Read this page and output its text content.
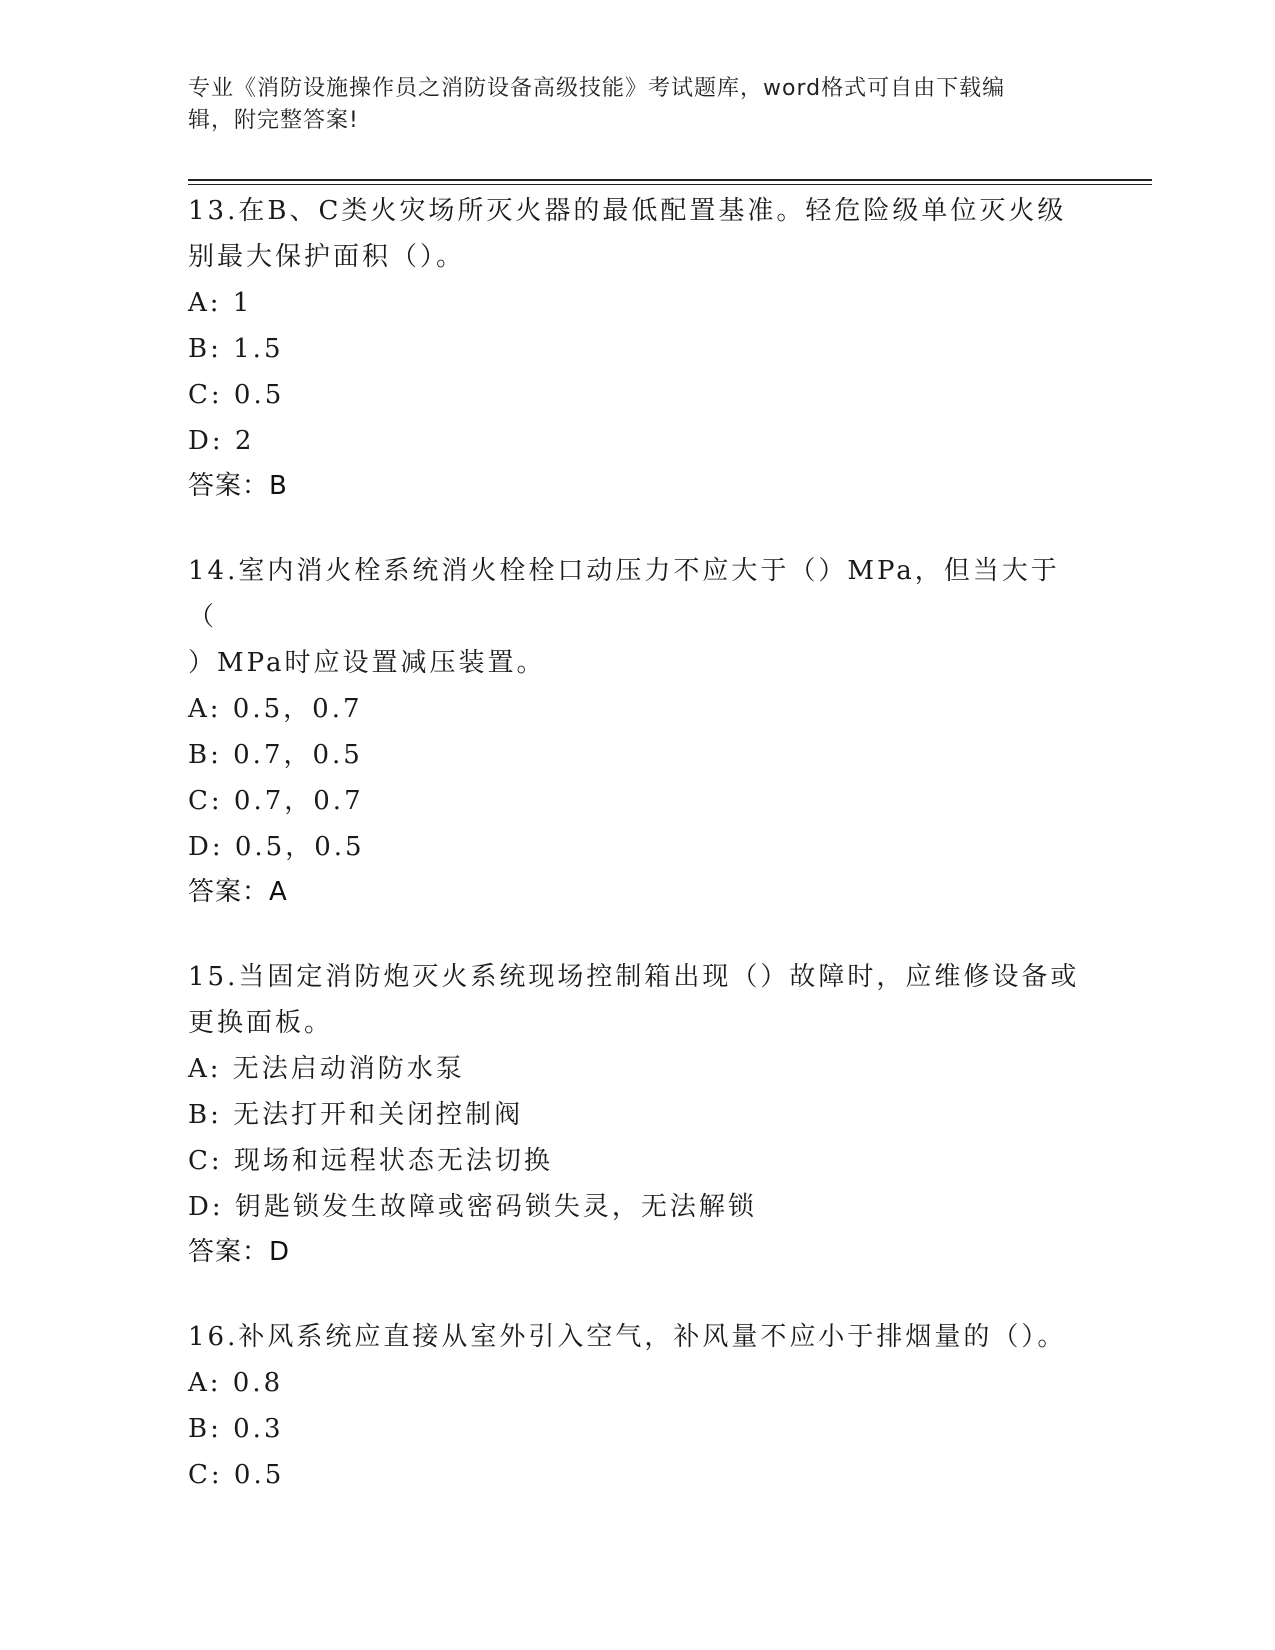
专业《消防设施操作员之消防设备高级技能》考试题库，word格式可自由下载编
辑，附完整答案!
13.在B、C类火灾场所灭火器的最低配置基准。轻危险级单位灭火级
别最大保护面积（）。
A: 1
B: 1.5
C: 0.5
D: 2
答案：B
14.室内消火栓系统消火栓栓口动压力不应大于（）MPa，但当大于（
）MPa时应设置减压装置。
A: 0.5，0.7
B: 0.7，0.5
C: 0.7，0.7
D: 0.5，0.5
答案：A
15.当固定消防炮灭火系统现场控制箱出现（）故障时，应维修设备或
更换面板。
A: 无法启动消防水泵
B: 无法打开和关闭控制阀
C: 现场和远程状态无法切换
D: 钥匙锁发生故障或密码锁失灵，无法解锁
答案：D
16.补风系统应直接从室外引入空气，补风量不应小于排烟量的（）。
A: 0.8
B: 0.3
C: 0.5
